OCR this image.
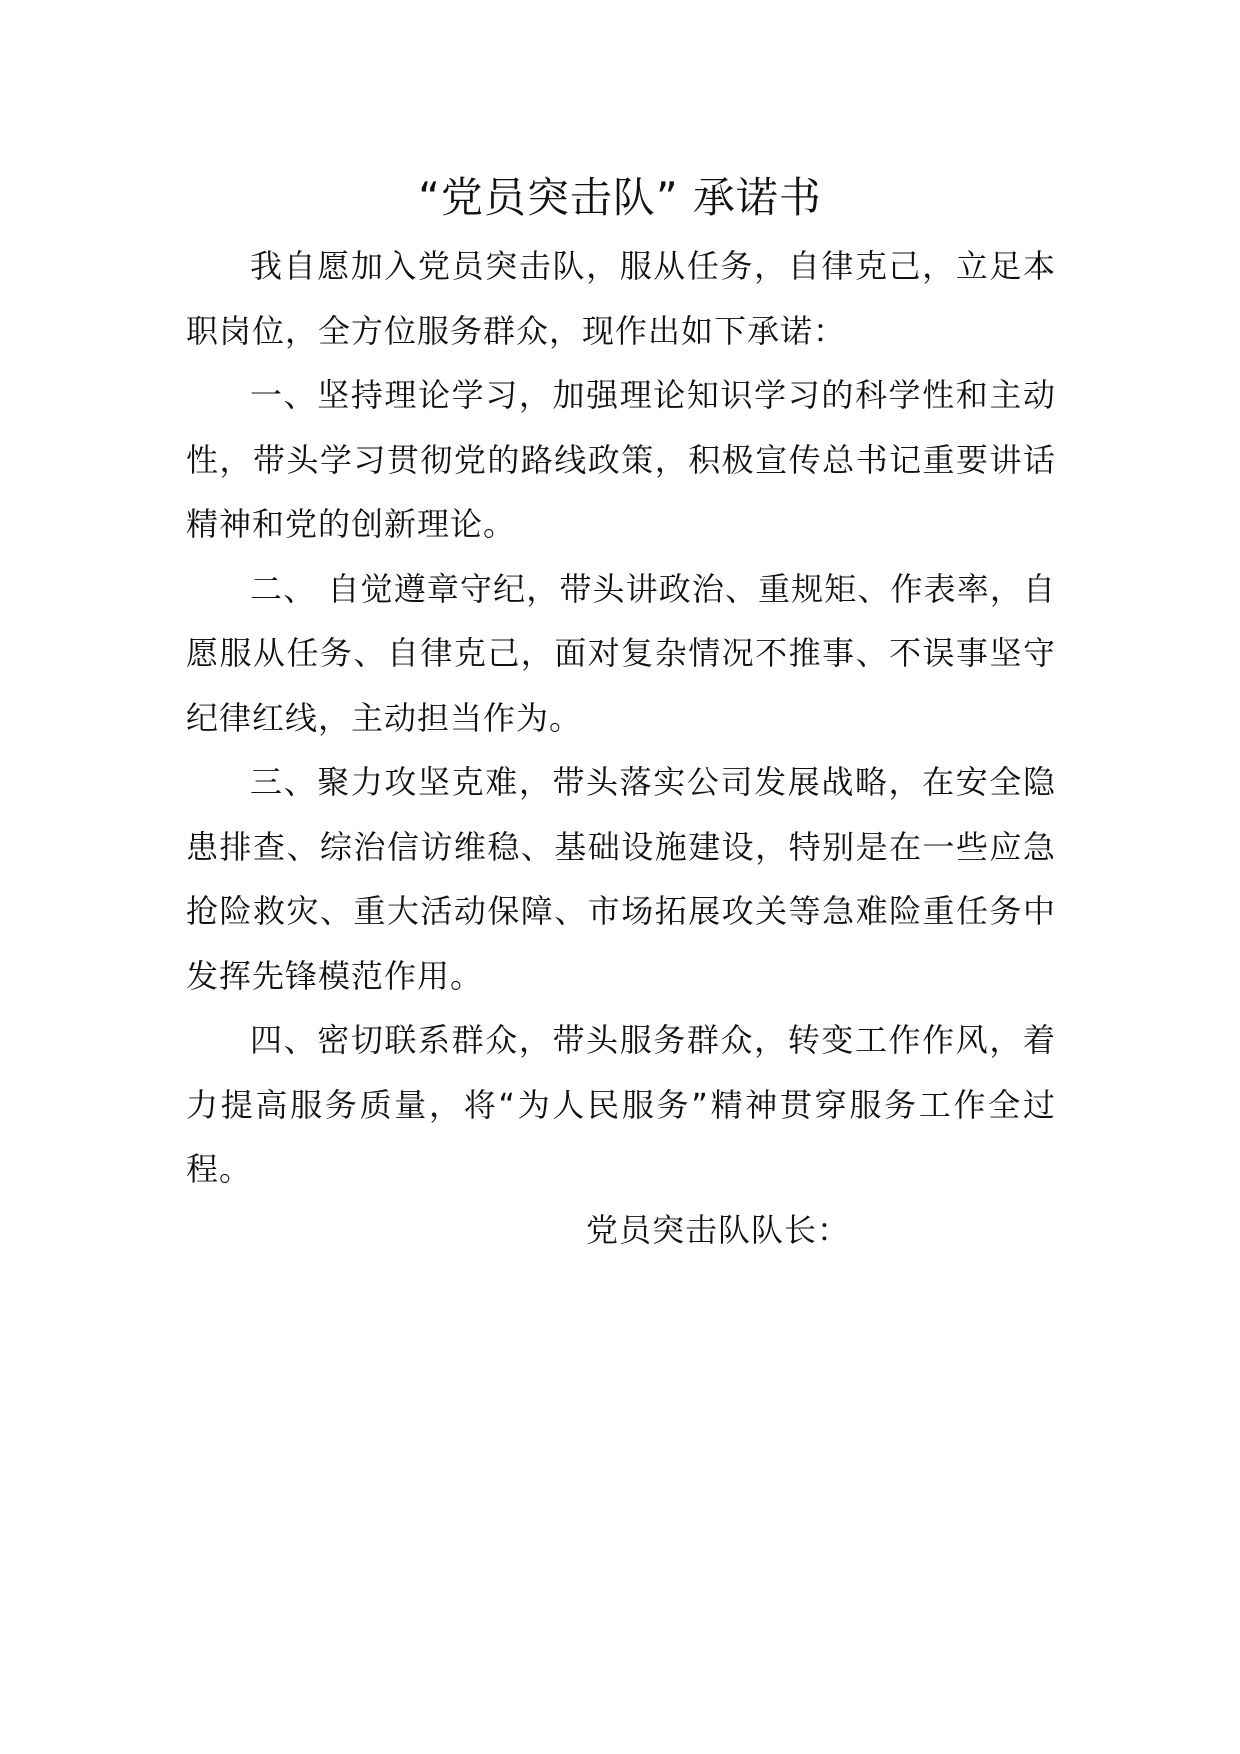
“党员突击队” 承诺书

我自愿加入党员突击队，服从任务，自律克己，立足本职岗位，全方位服务群众，现作出如下承诺：

一、坚持理论学习，加强理论知识学习的科学性和主动性，带头学习贯彻党的路线政策，积极宣传总书记重要讲话精神和党的创新理论。

二、 自觉遵章守纪，带头讲政治、重规矩、作表率，自愿服从任务、自律克己，面对复杂情况不推事、不误事坚守纪律红线，主动担当作为。

三、聚力攻坚克难，带头落实公司发展战略，在安全隐患排查、综治信访维稳、基础设施建设，特别是在一些应急抢险救灾、重大活动保障、市场拓展攻关等急难险重任务中发挥先锋模范作用。

四、密切联系群众，带头服务群众，转变工作作风，着力提高服务质量，将“为人民服务”精神贯穿服务工作全过程。

党员突击队队长：
